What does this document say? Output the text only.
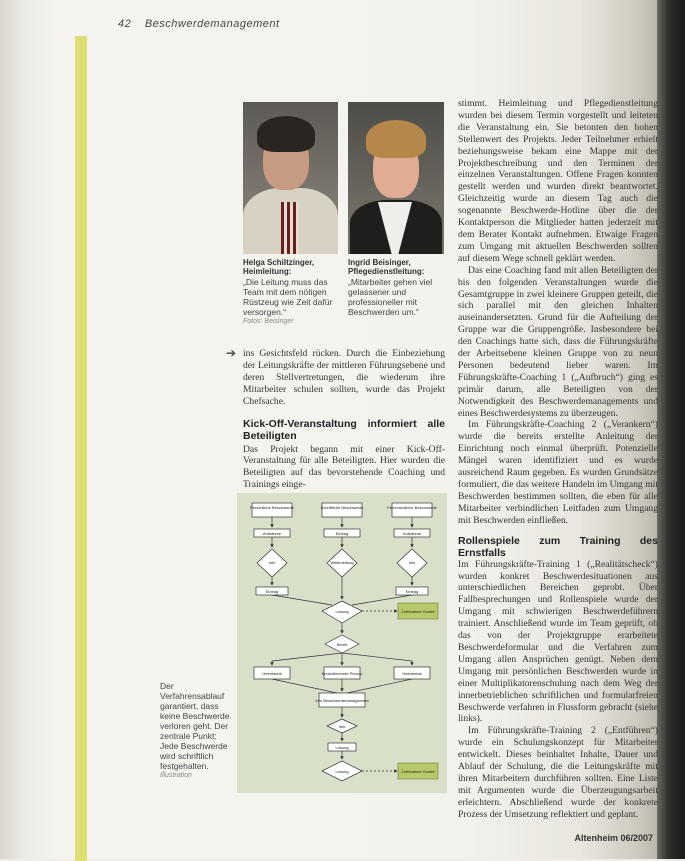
42 Beschwerdemanagement
Helga Schiltzinger, Heimleitung:
„Die Leitung muss das Team mit dem nötigen Rüstzeug wie Zeit dafür versorgen.“
Fotos: Beisinger
Ingrid Beisinger, Pflegedienstleitung:
„Mitarbeiter gehen viel gelassener und professioneller mit Beschwerden um.“
➔ ins Gesichtsfeld rücken. Durch die Einbeziehung der Leitungskräfte der mittleren Führungsebene und deren Stellvertretungen, die wiederum ihre Mitarbeiter schulen sollten, wurde das Projekt Chefsache.

Kick-Off-Veranstaltung informiert alle Beteiligten

Das Projekt begann mit einer Kick-Off-Veranstaltung für alle Beteiligten. Hier wurden die Beteiligten auf das bevorstehende Coaching und Trainings einge-

Persönliche Beschwerde	Schriftliche Beschwerde	Fernmündliche Beschwerde
Aufnahme	Eintrag	Aufnahme
Info	Weiterleitung	Info
Eintrag	Eintrag
Lösung	Zufriedener Kunde
Bereit
Heimbeirat	Kontrollierende Person	Heimbeirat
Info Beschwerdemanagement
Info
Lösung
Lösung	Zufriedener Kunde
Der Verfahrensablauf garantiert, dass keine Beschwerde verloren geht. Der zentrale Punkt: Jede Beschwerde wird schriftlich festgehalten.
Illustration

stimmt. Heimleitung und Pflegedienstleitung wurden bei diesem Termin vorgestellt und leiteten die Veranstaltung ein. Sie betonten den hohen Stellenwert des Projekts. Jeder Teilnehmer erhielt beziehungsweise bekam eine Mappe mit der Projektbeschreibung und den Terminen der einzelnen Veranstaltungen. Offene Fragen konnten gestellt werden und wurden direkt beantwortet. Gleichzeitig wurde an diesem Tag auch die sogenannte Beschwerde-Hotline über die der Kontaktperson die Mitglieder hatten jederzeit mit dem Berater Kontakt aufnehmen. Etwaige Fragen zum Umgang mit aktuellen Beschwerden sollten auf diesem Wege schnell geklärt werden.

Das eine Coaching fand mit allen Beteiligten der bis den folgenden Veranstaltungen wurde die Gesamtgruppe in zwei kleinere Gruppen geteilt, die sich parallel mit den gleichen Inhalten auseinandersetzten. Grund für die Aufteilung der Gruppe war die Gruppengröße. Insbesondere bei den Coachings hatte sich, dass die Führungskräfte der Arbeitsebene kleinen Gruppe von zu neun Personen bedeutend lieber waren. Im Führungskräfte-Coaching 1 („Aufbruch“) ging es primär darum, alle Beteiligten von der Notwendigkeit des Beschwerdemanagements und eines Beschwerdesystems zu überzeugen.

Im Führungskräfte-Coaching 2 („Verankern“) wurde die bereits erstellte Anleitung der Einrichtung noch einmal überprüft. Potenzielle Mängel waren identifiziert und es wurde ausreichend Raum gegeben. Es wurden Grundsätze formuliert, die das weitere Handeln im Umgang mit Beschwerden bestimmen sollten, die eben für alle Mitarbeiter verbindlichen Leitfaden zum Umgang mit Beschwerden einfließen.

Rollenspiele zum Training des Ernstfalls

Im Führungskräfte-Training 1 („Realitätscheck“) wurden konkret Beschwerdesituationen aus unterschiedlichen Bereichen geprobt. Über Fallbesprechungen und Rollenspiele wurde der Umgang mit schwierigen Beschwerdeführern trainiert. Anschließend wurde im Team geprüft, ob das von der Projektgruppe erarbeitete Beschwerdeformular und die Verfahren zum Umgang allen Ansprüchen genügt. Neben dem Umgang mit persönlichen Beschwerden wurde in einer Multiplikatorenschulung nach dem Weg der innerbetrieblichen schriftlichen und formularfreien Beschwerde verfahren in Flussform gebracht (siehe links).

Im Führungskräfte-Training 2 („Entführen“) wurde ein Schulungskonzept für Mitarbeiter entwickelt. Dieses beinhaltet Inhalte, Dauer und Ablauf der Schulung, die die Leitungskräfte mit ihren Mitarbeitern durchführen sollten. Eine Liste mit Argumenten wurde die Überzeugungsarbeit erleichtern. Abschließend wurde der konkrete Prozess der Umsetzung reflektiert und geplant.

Altenheim 06/2007
